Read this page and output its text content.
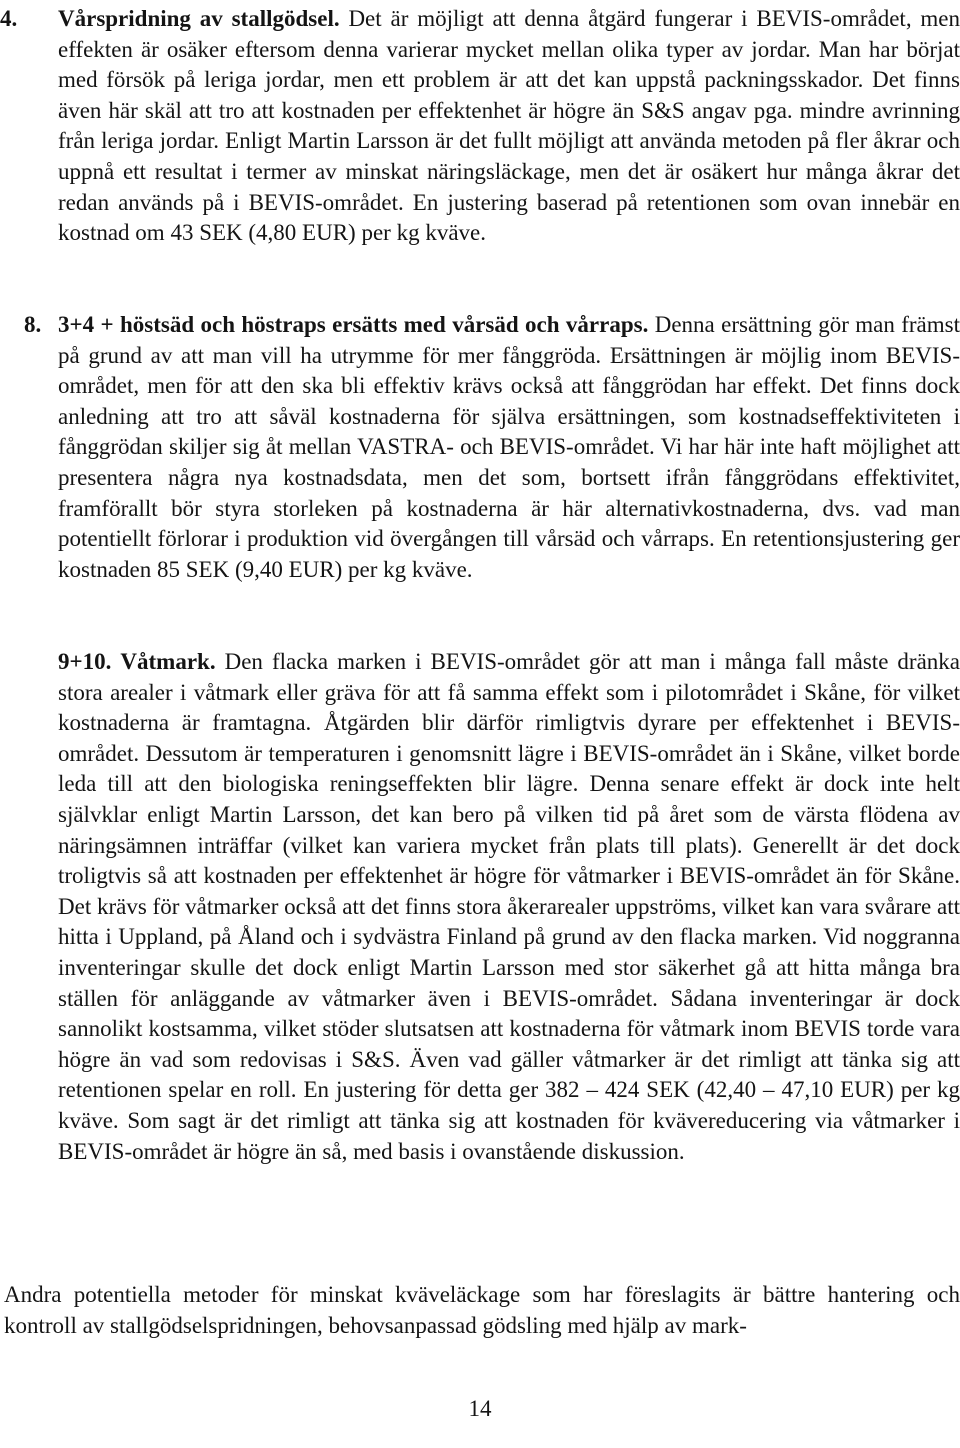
4.	Vårspridning av stallgödsel. Det är möjligt att denna åtgärd fungerar i BEVIS-området, men effekten är osäker eftersom denna varierar mycket mellan olika typer av jordar. Man har börjat med försök på leriga jordar, men ett problem är att det kan uppstå packningsskador. Det finns även här skäl att tro att kostnaden per effektenhet är högre än S&S angav pga. mindre avrinning från leriga jordar. Enligt Martin Larsson är det fullt möjligt att använda metoden på fler åkrar och uppnå ett resultat i termer av minskat näringsläckage, men det är osäkert hur många åkrar det redan används på i BEVIS-området. En justering baserad på retentionen som ovan innebär en kostnad om 43 SEK (4,80 EUR) per kg kväve.
8. 3+4 + höstsäd och höstraps ersätts med vårsäd och vårraps. Denna ersättning gör man främst på grund av att man vill ha utrymme för mer fånggröda. Ersättningen är möjlig inom BEVIS-området, men för att den ska bli effektiv krävs också att fånggrödan har effekt. Det finns dock anledning att tro att såväl kostnaderna för själva ersättningen, som kostnadseffektiviteten i fånggrödan skiljer sig åt mellan VASTRA- och BEVIS-området. Vi har här inte haft möjlighet att presentera några nya kostnadsdata, men det som, bortsett ifrån fånggrödans effektivitet, framförallt bör styra storleken på kostnaderna är här alternativkostnaderna, dvs. vad man potentiellt förlorar i produktion vid övergången till vårsäd och vårraps. En retentionsjustering ger kostnaden 85 SEK (9,40 EUR) per kg kväve.
9+10. Våtmark. Den flacka marken i BEVIS-området gör att man i många fall måste dränka stora arealer i våtmark eller gräva för att få samma effekt som i pilotområdet i Skåne, för vilket kostnaderna är framtagna. Åtgärden blir därför rimligtvis dyrare per effektenhet i BEVIS-området. Dessutom är temperaturen i genomsnitt lägre i BEVIS-området än i Skåne, vilket borde leda till att den biologiska reningseffekten blir lägre. Denna senare effekt är dock inte helt självklar enligt Martin Larsson, det kan bero på vilken tid på året som de värsta flödena av näringsämnen inträffar (vilket kan variera mycket från plats till plats). Generellt är det dock troligtvis så att kostnaden per effektenhet är högre för våtmarker i BEVIS-området än för Skåne. Det krävs för våtmarker också att det finns stora åkerarealer uppströms, vilket kan vara svårare att hitta i Uppland, på Åland och i sydvästra Finland på grund av den flacka marken. Vid noggranna inventeringar skulle det dock enligt Martin Larsson med stor säkerhet gå att hitta många bra ställen för anläggande av våtmarker även i BEVIS-området. Sådana inventeringar är dock sannolikt kostsamma, vilket stöder slutsatsen att kostnaderna för våtmark inom BEVIS torde vara högre än vad som redovisas i S&S. Även vad gäller våtmarker är det rimligt att tänka sig att retentionen spelar en roll. En justering för detta ger 382 – 424 SEK (42,40 – 47,10 EUR) per kg kväve. Som sagt är det rimligt att tänka sig att kostnaden för kvävereducering via våtmarker i BEVIS-området är högre än så, med basis i ovanstående diskussion.
Andra potentiella metoder för minskat kväveläckage som har föreslagits är bättre hantering och kontroll av stallgödselspridningen, behovsanpassad gödsling med hjälp av mark-
14
